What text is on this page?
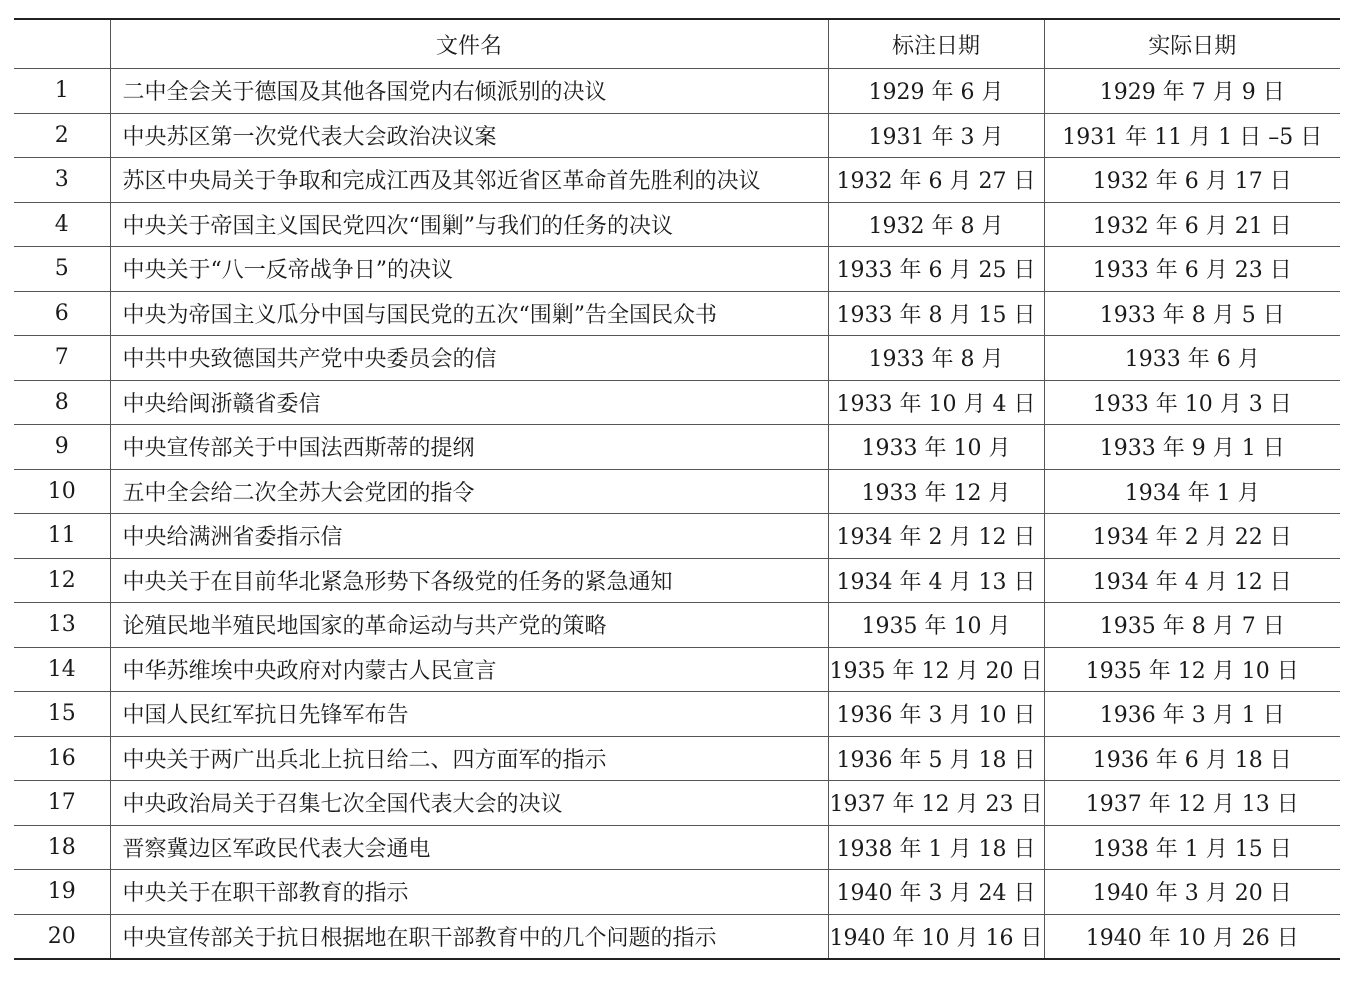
	文件名	标注日期	实际日期
1	二中全会关于德国及其他各国党内右倾派别的决议	1929 年 6 月	1929 年 7 月 9 日
2	中央苏区第一次党代表大会政治决议案	1931 年 3 月	1931 年 11 月 1 日 –5 日
3	苏区中央局关于争取和完成江西及其邻近省区革命首先胜利的决议	1932 年 6 月 27 日	1932 年 6 月 17 日
4	中央关于帝国主义国民党四次“围剿”与我们的任务的决议	1932 年 8 月	1932 年 6 月 21 日
5	中央关于“八一反帝战争日”的决议	1933 年 6 月 25 日	1933 年 6 月 23 日
6	中央为帝国主义瓜分中国与国民党的五次“围剿”告全国民众书	1933 年 8 月 15 日	1933 年 8 月 5 日
7	中共中央致德国共产党中央委员会的信	1933 年 8 月	1933 年 6 月
8	中央给闽浙赣省委信	1933 年 10 月 4 日	1933 年 10 月 3 日
9	中央宣传部关于中国法西斯蒂的提纲	1933 年 10 月	1933 年 9 月 1 日
10	五中全会给二次全苏大会党团的指令	1933 年 12 月	1934 年 1 月
11	中央给满洲省委指示信	1934 年 2 月 12 日	1934 年 2 月 22 日
12	中央关于在目前华北紧急形势下各级党的任务的紧急通知	1934 年 4 月 13 日	1934 年 4 月 12 日
13	论殖民地半殖民地国家的革命运动与共产党的策略	1935 年 10 月	1935 年 8 月 7 日
14	中华苏维埃中央政府对内蒙古人民宣言	1935 年 12 月 20 日	1935 年 12 月 10 日
15	中国人民红军抗日先锋军布告	1936 年 3 月 10 日	1936 年 3 月 1 日
16	中央关于两广出兵北上抗日给二、四方面军的指示	1936 年 5 月 18 日	1936 年 6 月 18 日
17	中央政治局关于召集七次全国代表大会的决议	1937 年 12 月 23 日	1937 年 12 月 13 日
18	晋察冀边区军政民代表大会通电	1938 年 1 月 18 日	1938 年 1 月 15 日
19	中央关于在职干部教育的指示	1940 年 3 月 24 日	1940 年 3 月 20 日
20	中央宣传部关于抗日根据地在职干部教育中的几个问题的指示	1940 年 10 月 16 日	1940 年 10 月 26 日
